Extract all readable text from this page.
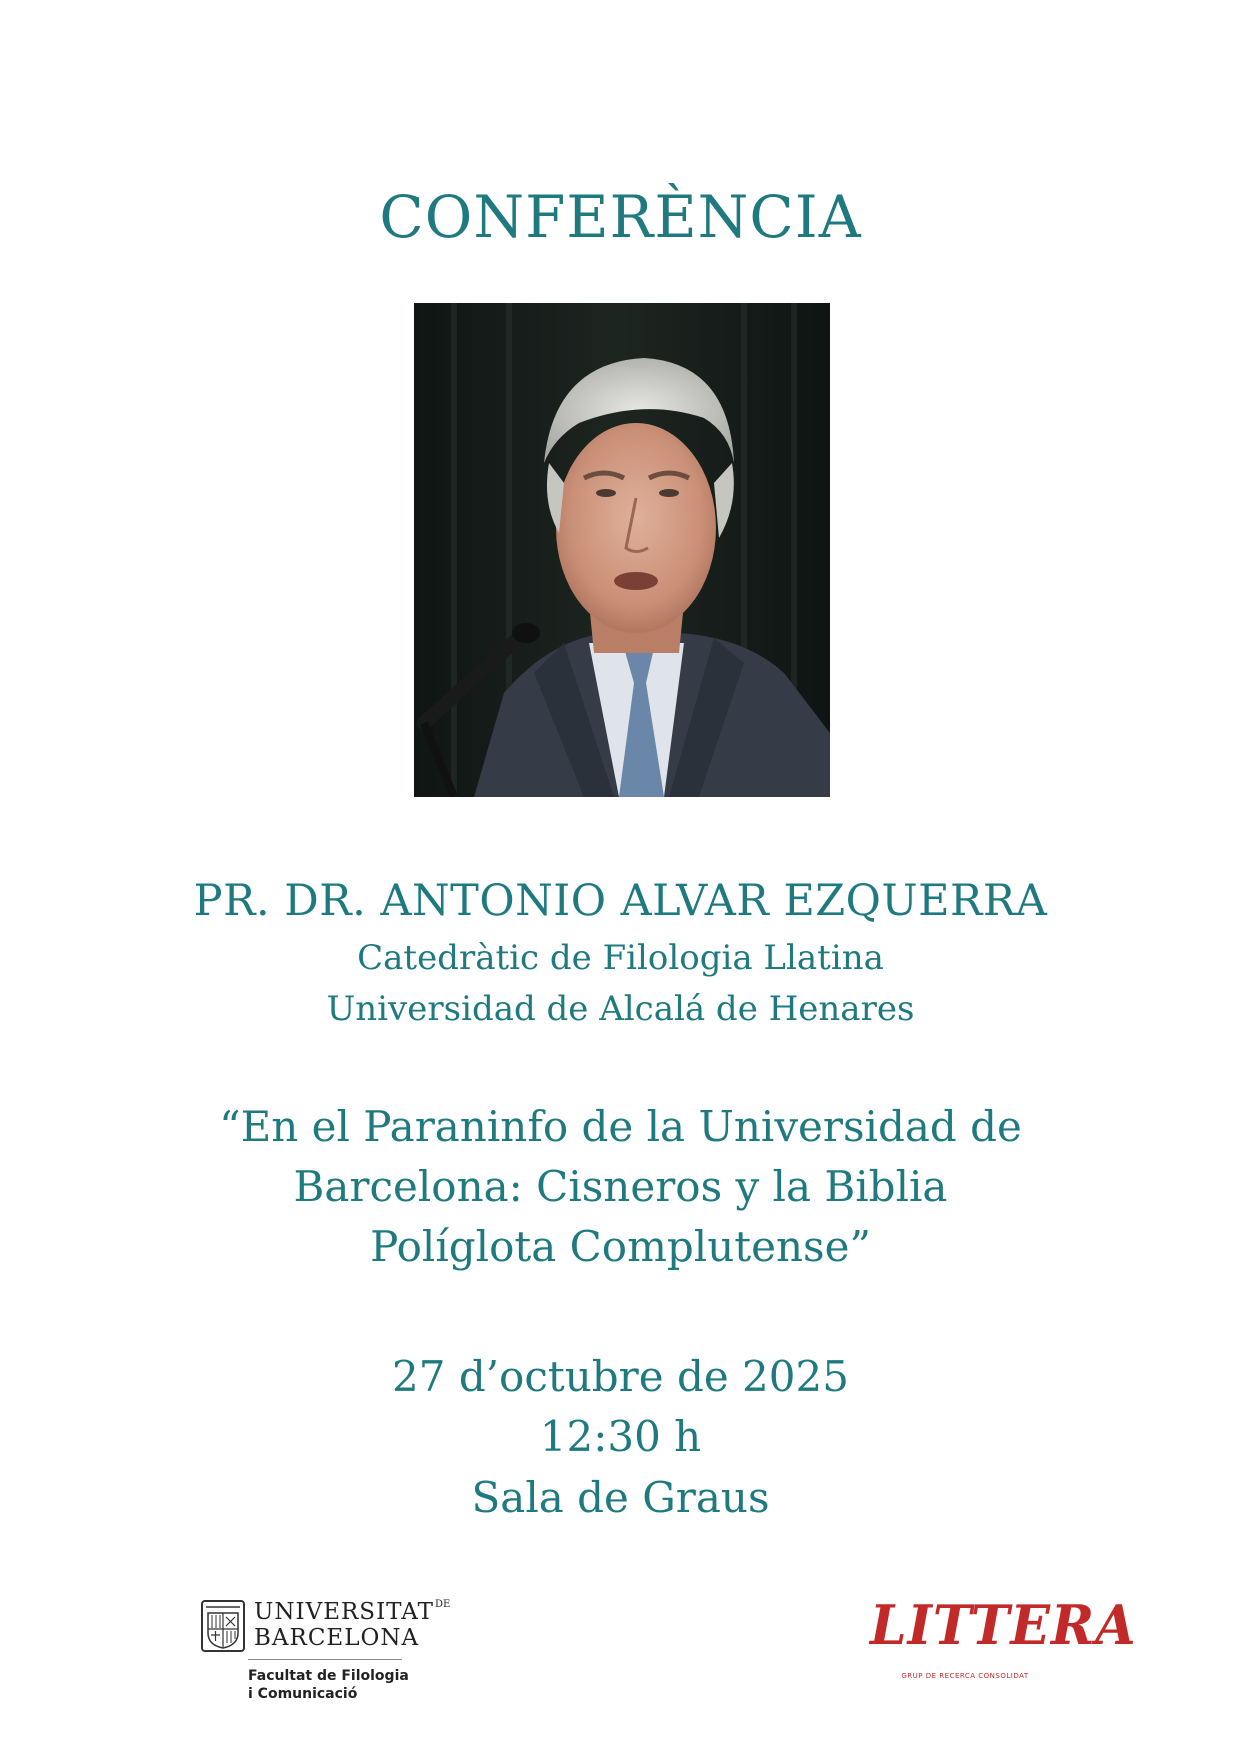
CONFERÈNCIA
PR. DR. ANTONIO ALVAR EZQUERRA
Catedràtic de Filologia Llatina
Universidad de Alcalá de Henares
“En el Paraninfo de la Universidad de
Barcelona: Cisneros y la Biblia
Políglota Complutense”
27 d’octubre de 2025
12:30 h
Sala de Graus
$UNIVERSITAT^{DE}$
BARCELONA
Facultat de Filologia
i Comunicació
LITTERA
GRUP DE RECERCA CONSOLIDAT
